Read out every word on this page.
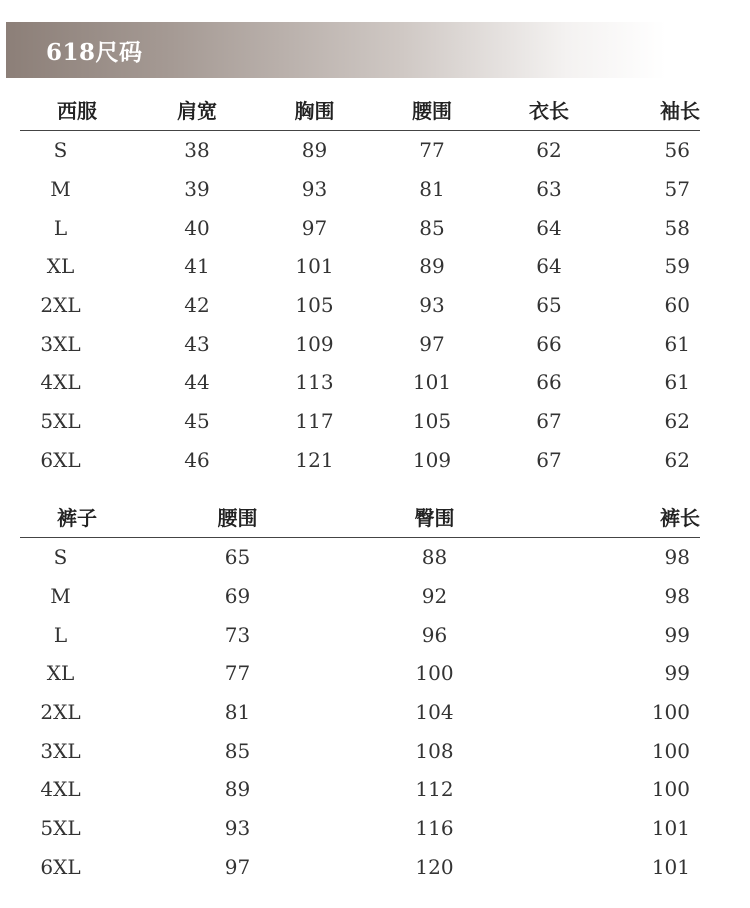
618尺码
西服	肩宽	胸围	腰围	衣长	袖长
S	38	89	77	62	56
M	39	93	81	63	57
L	40	97	85	64	58
XL	41	101	89	64	59
2XL	42	105	93	65	60
3XL	43	109	97	66	61
4XL	44	113	101	66	61
5XL	45	117	105	67	62
6XL	46	121	109	67	62
裤子	腰围	臀围	裤长
S	65	88	98
M	69	92	98
L	73	96	99
XL	77	100	99
2XL	81	104	100
3XL	85	108	100
4XL	89	112	100
5XL	93	116	101
6XL	97	120	101
